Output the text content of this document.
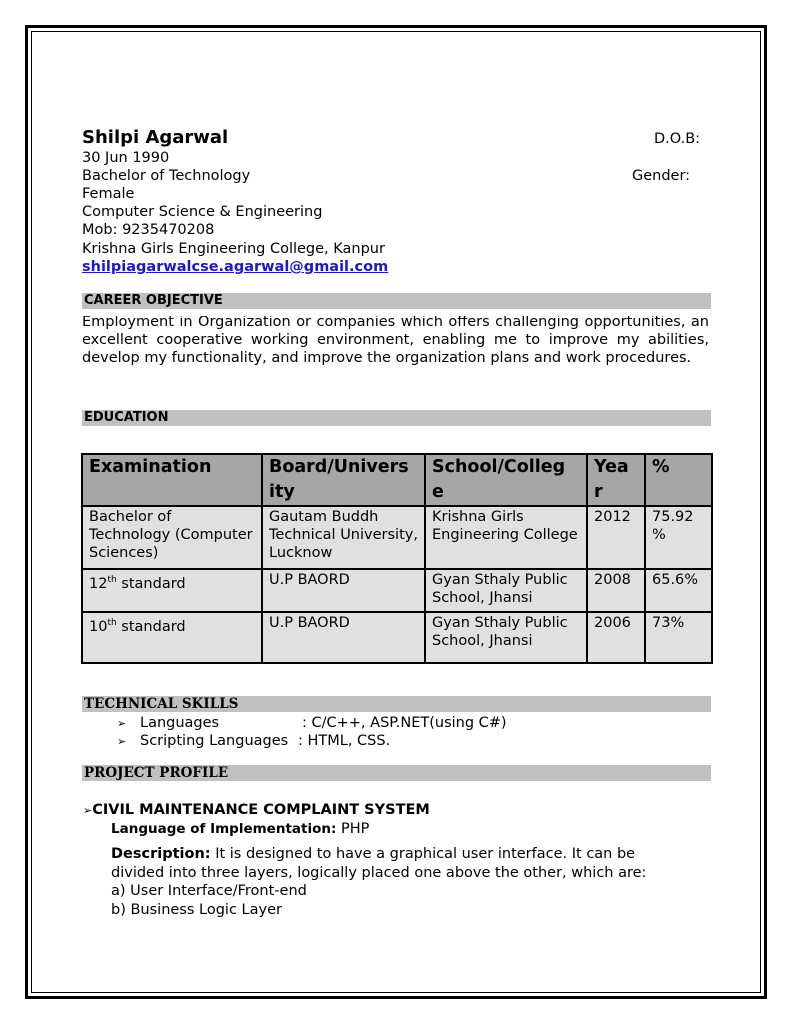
Shilpi Agarwal	D.O.B:
30 Jun 1990
Bachelor of Technology	Gender:
Female
Computer Science & Engineering
Mob: 9235470208
Krishna Girls Engineering College, Kanpur
shilpiagarwalcse.agarwal@gmail.com
CAREER OBJECTIVE
Employment in Organization or companies which offers challenging opportunities, an excellent cooperative working environment, enabling me to improve my abilities, develop my functionality, and improve the organization plans and work procedures.
EDUCATION
Examination	Board/Univers ity	School/Colleg e	Yea r	%

Bachelor of Technology (Computer Sciences)	Gautam Buddh Technical University, Lucknow	Krishna Girls Engineering College	2012	75.92 %

12th standard	U.P BAORD	Gyan Sthaly Public School, Jhansi	2008	65.6%

10th standard	U.P BAORD	Gyan Sthaly Public School, Jhansi	2006	73%
TECHNICAL SKILLS
➢ Languages	: C/C++, ASP.NET(using C#)
➢ Scripting Languages : HTML, CSS.
PROJECT PROFILE
➢CIVIL MAINTENANCE COMPLAINT SYSTEM
Language of Implementation: PHP
Description: It is designed to have a graphical user interface. It can be divided into three layers, logically placed one above the other, which are:
a) User Interface/Front-end
b) Business Logic Layer
